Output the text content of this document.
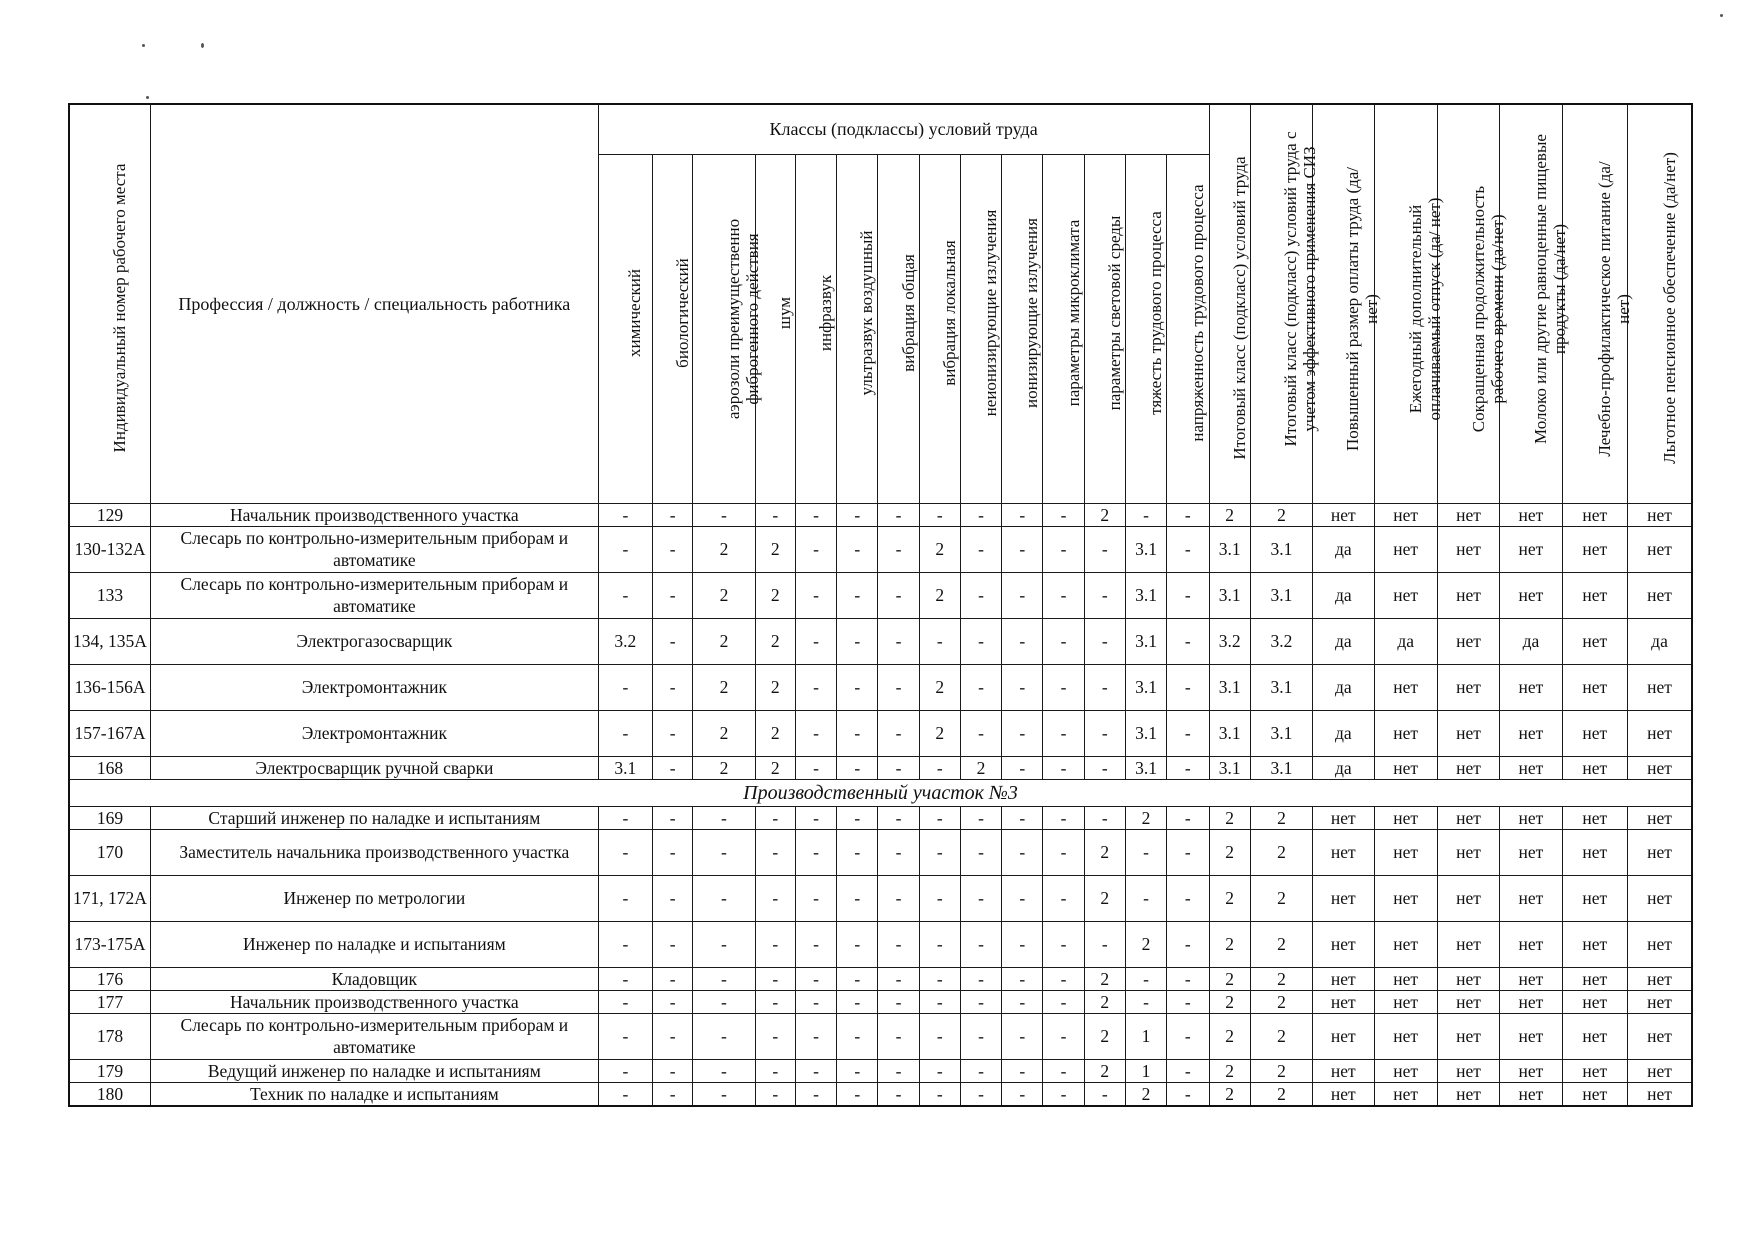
Индивидуальный номер рабочего места	Профессия / должность / специальность работника	Классы (подклассы) условий труда														Итоговый класс (подкласс) условий труда	Итоговый класс (подкласс) условий труда с учетом эффективного применения СИЗ	Повышенный размер оплаты труда (да/нет)	Ежегодный дополнительный оплачиваемый отпуск (да/ нет)	Сокращенная продолжительность рабочего времени (да/нет)	Молоко или другие равноценные пищевые продукты (да/нет)	Лечебно-профилактическое питание (да/нет)	Льготное пенсионное обеспечение (да/нет)

		химический	биологический	аэрозоли преимущественно фиброгенного действия	шум	инфразвук	ультразвук воздушный	вибрация общая	вибрация локальная	неионизирующие излучения	ионизирующие излучения	параметры микроклимата	параметры световой среды	тяжесть трудового процесса	напряженность трудового процесса								

129	Начальник производственного участка	-	-	-	-	-	-	-	-	-	-	-	2	-	-	2	2	нет	нет	нет	нет	нет	нет
130-132А	Слесарь по контрольно-измерительным приборам и автоматике	-	-	2	2	-	-	-	2	-	-	-	-	3.1	-	3.1	3.1	да	нет	нет	нет	нет	нет
133	Слесарь по контрольно-измерительным приборам и автоматике	-	-	2	2	-	-	-	2	-	-	-	-	3.1	-	3.1	3.1	да	нет	нет	нет	нет	нет
134, 135А	Электрогазосварщик	3.2	-	2	2	-	-	-	-	-	-	-	-	3.1	-	3.2	3.2	да	да	нет	да	нет	да
136-156А	Электромонтажник	-	-	2	2	-	-	-	2	-	-	-	-	3.1	-	3.1	3.1	да	нет	нет	нет	нет	нет
157-167А	Электромонтажник	-	-	2	2	-	-	-	2	-	-	-	-	3.1	-	3.1	3.1	да	нет	нет	нет	нет	нет
168	Электросварщик ручной сварки	3.1	-	2	2	-	-	-	-	2	-	-	-	3.1	-	3.1	3.1	да	нет	нет	нет	нет	нет
Производственный участок №3																							
169	Старший инженер по наладке и испытаниям	-	-	-	-	-	-	-	-	-	-	-	-	2	-	2	2	нет	нет	нет	нет	нет	нет
170	Заместитель начальника производственного участка	-	-	-	-	-	-	-	-	-	-	-	2	-	-	2	2	нет	нет	нет	нет	нет	нет
171, 172А	Инженер по метрологии	-	-	-	-	-	-	-	-	-	-	-	2	-	-	2	2	нет	нет	нет	нет	нет	нет
173-175А	Инженер по наладке и испытаниям	-	-	-	-	-	-	-	-	-	-	-	-	2	-	2	2	нет	нет	нет	нет	нет	нет
176	Кладовщик	-	-	-	-	-	-	-	-	-	-	-	2	-	-	2	2	нет	нет	нет	нет	нет	нет
177	Начальник производственного участка	-	-	-	-	-	-	-	-	-	-	-	2	-	-	2	2	нет	нет	нет	нет	нет	нет
178	Слесарь по контрольно-измерительным приборам и автоматике	-	-	-	-	-	-	-	-	-	-	-	2	1	-	2	2	нет	нет	нет	нет	нет	нет
179	Ведущий инженер по наладке и испытаниям	-	-	-	-	-	-	-	-	-	-	-	2	1	-	2	2	нет	нет	нет	нет	нет	нет
180	Техник по наладке и испытаниям	-	-	-	-	-	-	-	-	-	-	-	-	2	-	2	2	нет	нет	нет	нет	нет	нет
